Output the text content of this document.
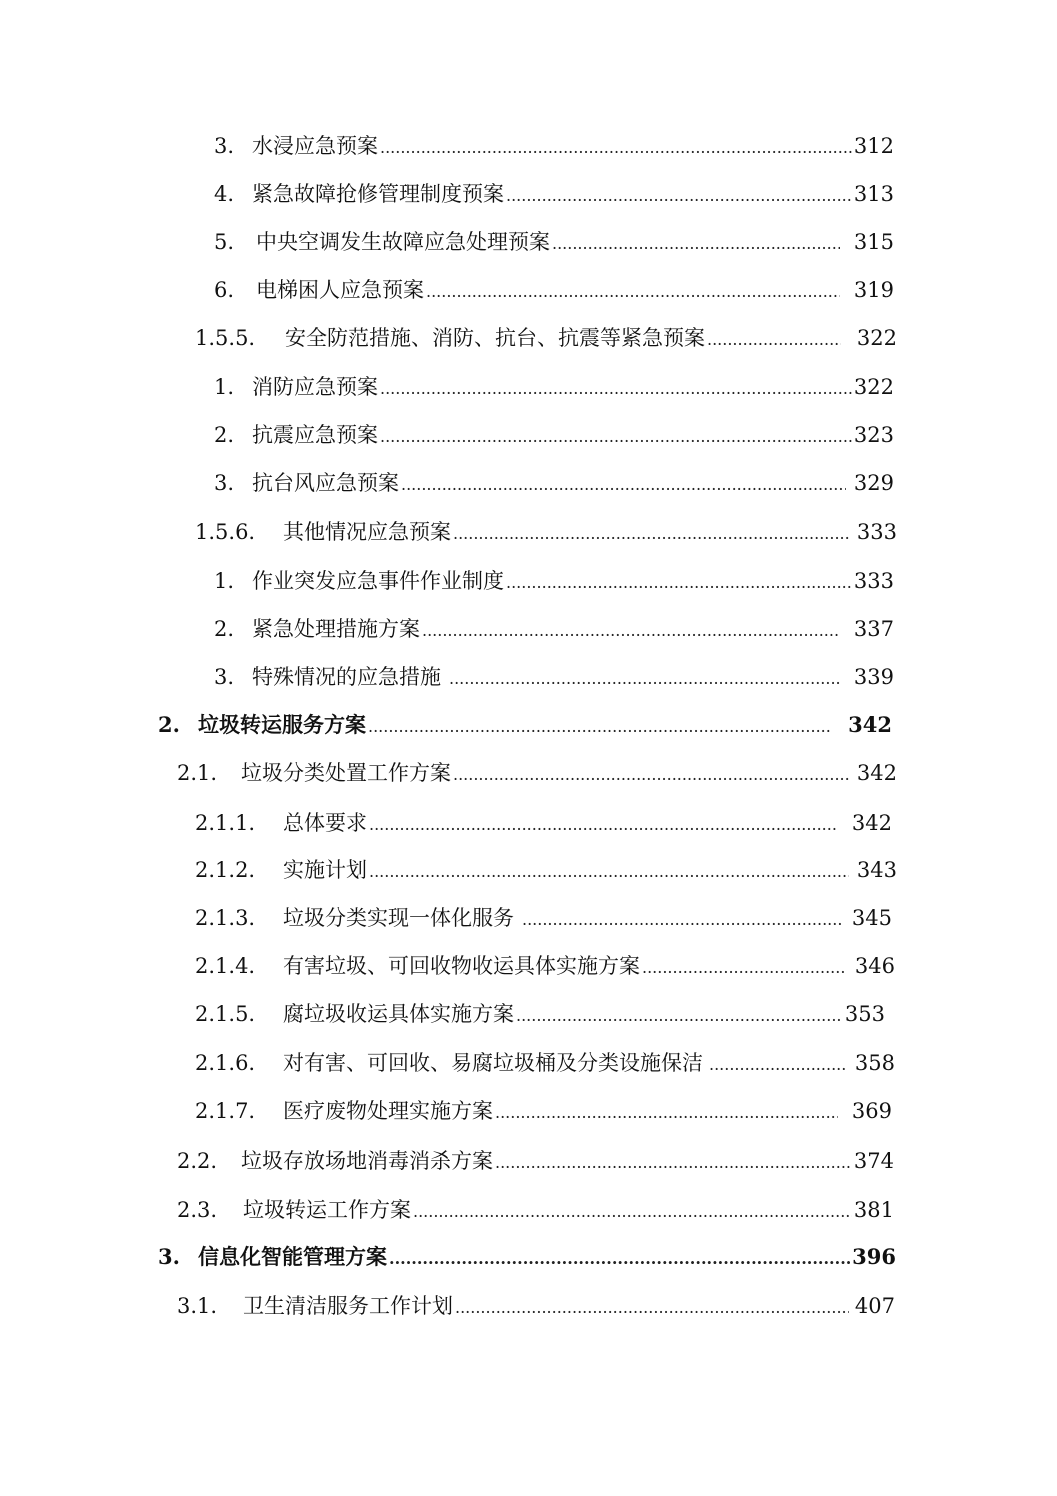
3. 水浸应急预案 .....	312
4. 紧急故障抢修管理制度预案 .....	313
5.	中央空调发生故障应急处理预案 .....	315
6.	电梯困人应急预案 .....	319
1.5.5.	安全防范措施、消防、抗台、抗震等紧急预案 .....	322
1. 消防应急预案 .....	322
2. 抗震应急预案 .....	323
3. 抗台风应急预案 .....	329
1.5.6.	其他情况应急预案 .....	333
1. 作业突发应急事件作业制度 .....	333
2. 紧急处理措施方案 .....	337
3. 特殊情况的应急措施 .....	339
2. 垃圾转运服务方案 .....	342
2.1.	垃圾分类处置工作方案 .....	342
2.1.1.	总体要求 .....	342
2.1.2.	实施计划 .....	343
2.1.3.	垃圾分类实现一体化服务 .....	345
2.1.4.	有害垃圾、可回收物收运具体实施方案 .....	346
2.1.5.	腐垃圾收运具体实施方案 .....	353
2.1.6.	对有害、可回收、易腐垃圾桶及分类设施保洁 .....	358
2.1.7.	医疗废物处理实施方案 .....	369
2.2.	垃圾存放场地消毒消杀方案 .....	374
2.3.	垃圾转运工作方案 .....	381
3. 信息化智能管理方案 .....	396
3.1.	卫生清洁服务工作计划 .....	407
